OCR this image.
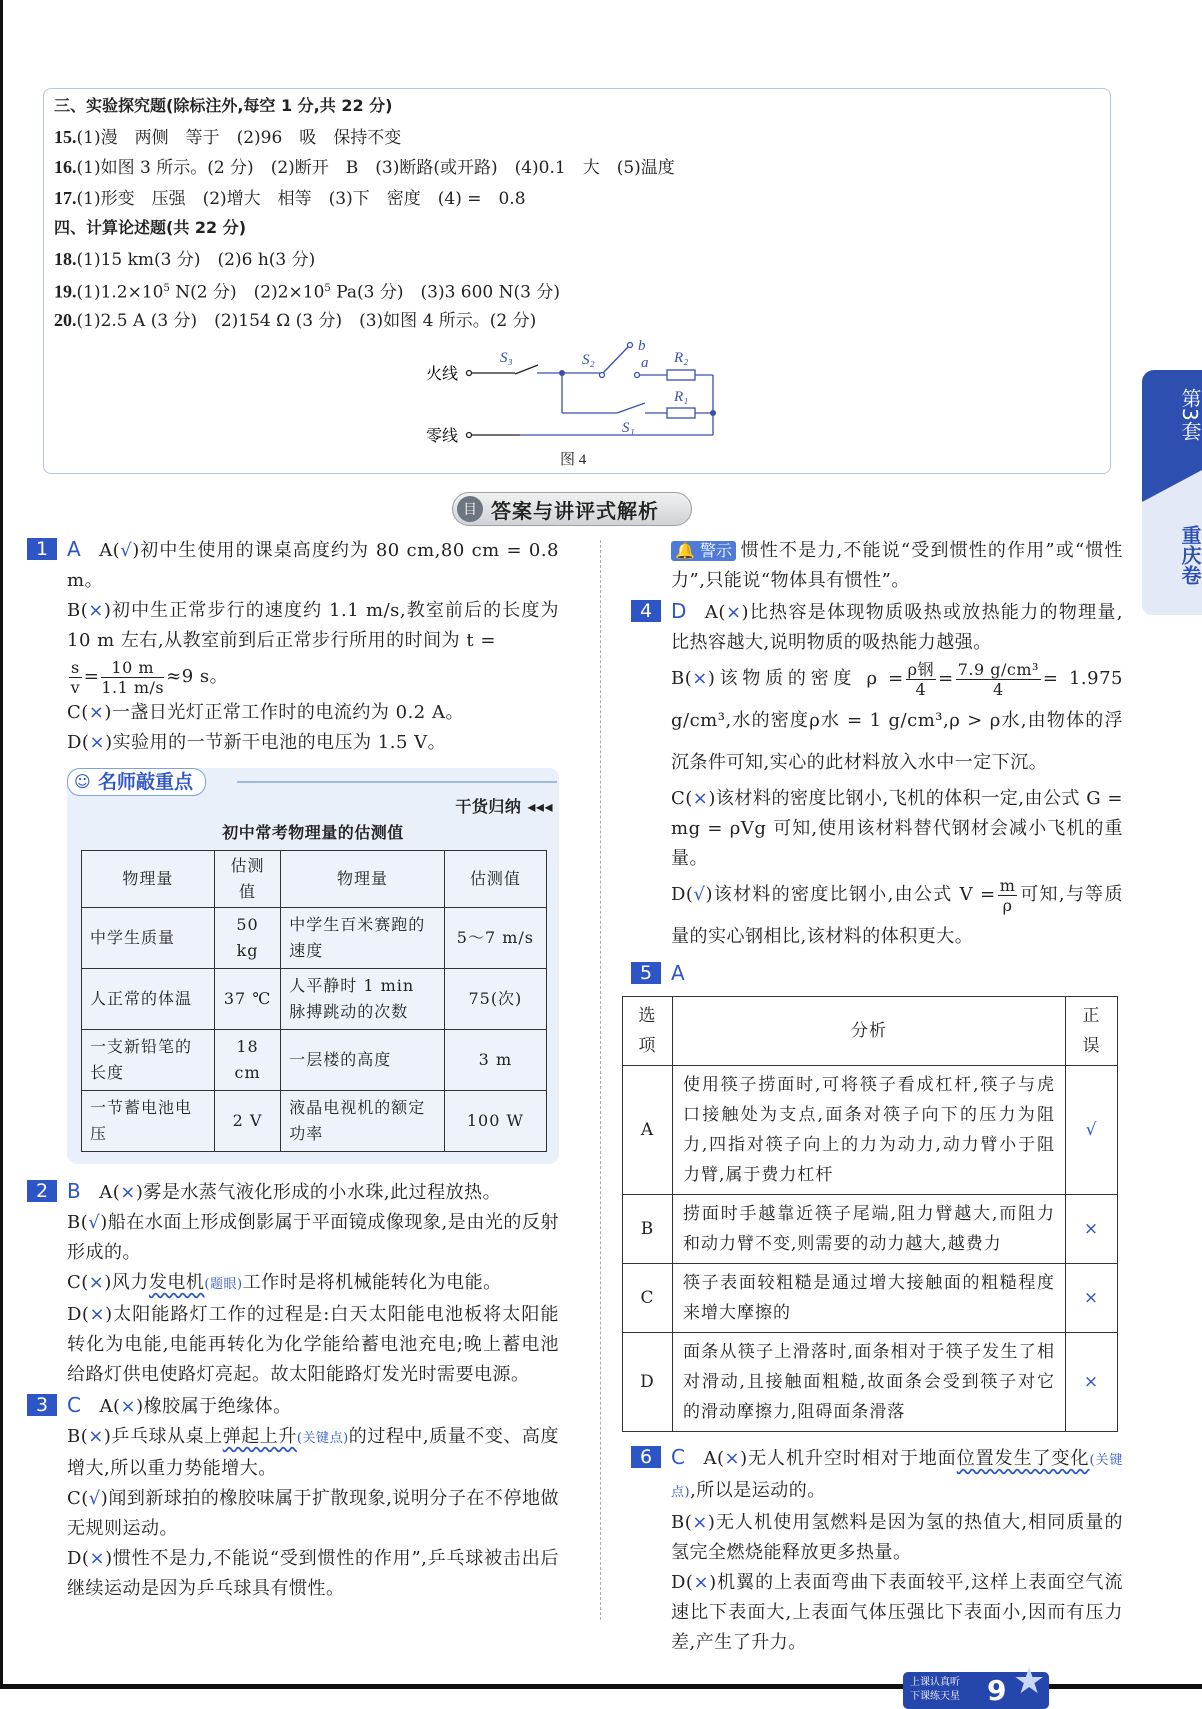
三、实验探究题(除标注外,每空 1 分,共 22 分)
15.(1)漫　两侧　等于　(2)96　吸　保持不变
16.(1)如图 3 所示。(2 分)　(2)断开　B　(3)断路(或开路)　(4)0.1　大　(5)温度
17.(1)形变　压强　(2)增大　相等　(3)下　密度　(4) =　0.8
四、计算论述题(共 22 分)
18.(1)15 km(3 分)　(2)6 h(3 分)
$19.(1)1.2\times 10^5$ N(2 分)　$(2)2\times 10^5$ Pa(3 分)　(3)3 600 N(3 分)
20.(1)2.5 A (3 分)　(2)154 Ω (3 分)　(3)如图 4 所示。(2 分)
火线
零线
S₃	S₂
b
a R₂
R₁
S₁
图 4
第3套
重庆卷
目 答案与讲评式解析
1 A A(√)初中生使用的课桌高度约为 80 cm,80 cm = 0.8 m。
B(×)初中生正常步行的速度约 1.1 m/s,教室前后的长度为 10 m 左右,从教室前到后正常步行所用的时间为 t =
$\frac{s}{v} = \frac{10 m}{1.1 m/s} \approx 9$ s。
C(×)一盏日光灯正常工作时的电流约为 0.2 A。
D(×)实验用的一节新干电池的电压为 1.5 V。
☺ 名师敲重点
干货归纳 ◂◂◂
初中常考物理量的估测值
物理量	估测值	物理量	估测值
中学生质量	50 kg	中学生百米赛跑的速度	5～7 m/s
人正常的体温	37 ℃	人平静时 1 min 脉搏跳动的次数	75(次)
一支新铅笔的长度	18 cm	一层楼的高度	3 m
一节蓄电池电压	2 V	液晶电视机的额定功率	100 W
2 B A(×)雾是水蒸气液化形成的小水珠,此过程放热。
B(√)船在水面上形成倒影属于平面镜成像现象,是由光的反射形成的。
C(×)风力发电机(题眼)工作时是将机械能转化为电能。
D(×)太阳能路灯工作的过程是:白天太阳能电池板将太阳能转化为电能,电能再转化为化学能给蓄电池充电;晚上蓄电池给路灯供电使路灯亮起。故太阳能路灯发光时需要电源。
3 C A(×)橡胶属于绝缘体。
B(×)乒乓球从桌上弹起上升(关键点)的过程中,质量不变、高度增大,所以重力势能增大。
C(√)闻到新球拍的橡胶味属于扩散现象,说明分子在不停地做无规则运动。
D(×)惯性不是力,不能说“受到惯性的作用”,乒乓球被击出后继续运动是因为乒乓球具有惯性。
🔔 警示 惯性不是力,不能说“受到惯性的作用”或“惯性力”,只能说“物体具有惯性”。
4 D A(×)比热容是体现物质吸热或放热能力的物理量,比热容越大,说明物质的吸热能力越强。
B(×)该物质的密度 $\rho = \frac{\text{ρ钢}}{4} = \frac{\text{7.9 g/cm³}}{4} = 1.975$ g/cm³,水的密度ρ水 = 1 g/cm³,ρ > ρ水,由物体的浮沉条件可知,实心的此材料放入水中一定下沉。
C(×)该材料的密度比钢小,飞机的体积一定,由公式 G = mg = ρVg 可知,使用该材料替代钢材会减小飞机的重量。
D(√)该材料的密度比钢小,由公式 $V = \frac{m}{\rho}$ 可知,与等质量的实心钢相比,该材料的体积更大。
5 A
选项	分析	正误
A	使用筷子捞面时,可将筷子看成杠杆,筷子与虎口接触处为支点,面条对筷子向下的压力为阻力,四指对筷子向上的力为动力,动力臂小于阻力臂,属于费力杠杆	√
B	捞面时手越靠近筷子尾端,阻力臂越大,而阻力和动力臂不变,则需要的动力越大,越费力	×
C	筷子表面较粗糙是通过增大接触面的粗糙程度来增大摩擦的	×
D	面条从筷子上滑落时,面条相对于筷子发生了相对滑动,且接触面粗糙,故面条会受到筷子对它的滑动摩擦力,阻碍面条滑落	×
6 C A(×)无人机升空时相对于地面位置发生了变化(关键点),所以是运动的。
B(×)无人机使用氢燃料是因为氢的热值大,相同质量的氢完全燃烧能释放更多热量。
D(×)机翼的上表面弯曲下表面较平,这样上表面空气流速比下表面大,上表面气体压强比下表面小,因而有压力差,产生了升力。
上课认真听
下课练天星 9 ★
